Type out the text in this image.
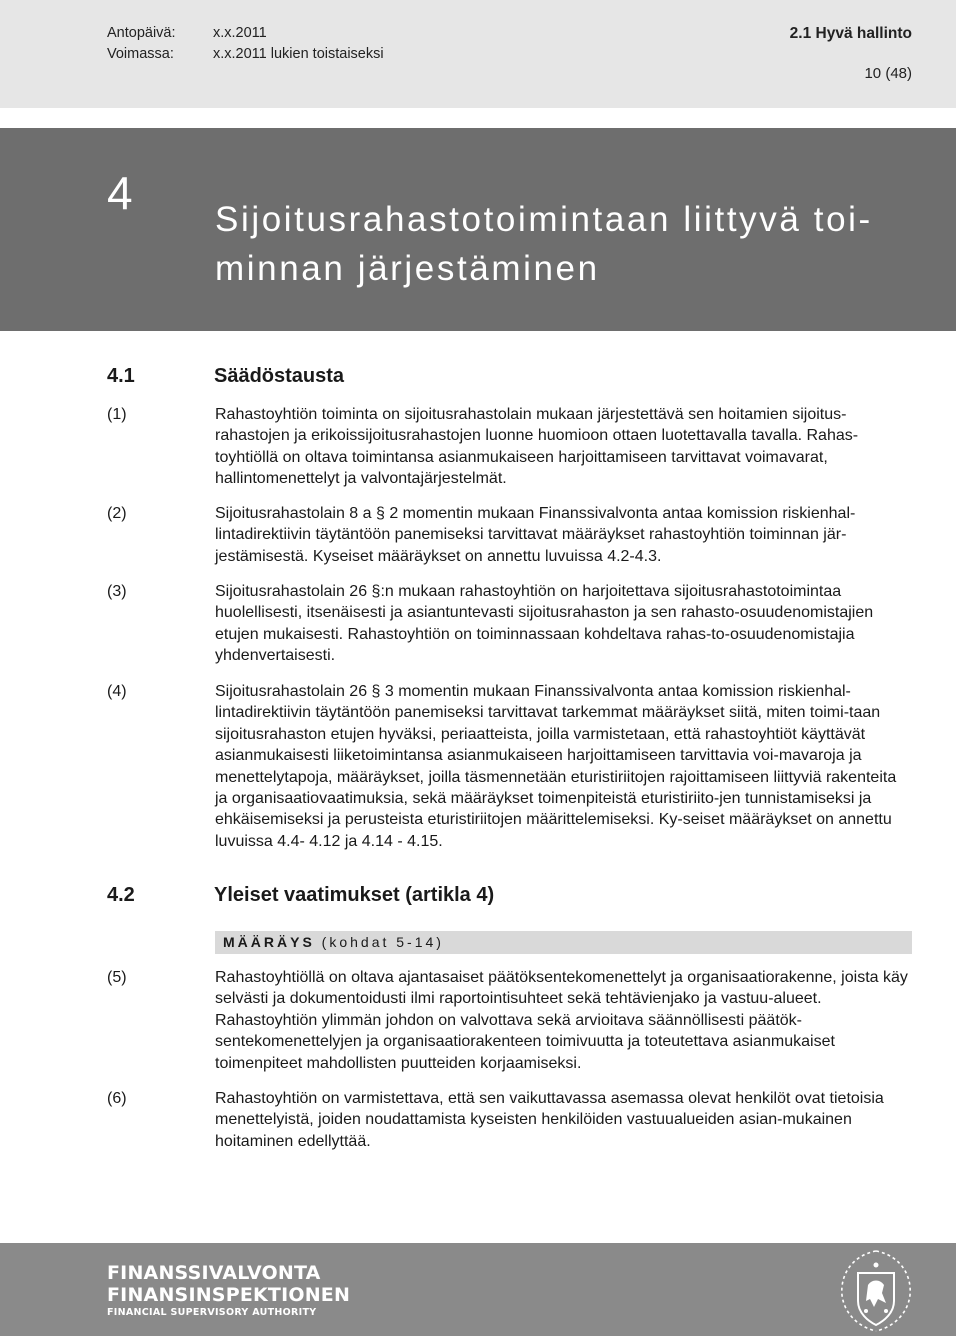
Antopäivä:	x.x.2011
Voimassa:	x.x.2011 lukien toistaiseksi
2.1 Hyvä hallinto
10 (48)
4
Sijoitusrahastotoimintaan liittyvä toi-
minnan järjestäminen
4.1	Säädöstausta
(1)	Rahastoyhtiön toiminta on sijoitusrahastolain mukaan järjestettävä sen hoitamien sijoitus-rahastojen ja erikoissijoitusrahastojen luonne huomioon ottaen luotettavalla tavalla. Rahas-toyhtiöllä on oltava toimintansa asianmukaiseen harjoittamiseen tarvittavat voimavarat, hallintomenettelyt ja valvontajärjestelmät.
(2)	Sijoitusrahastolain 8 a § 2 momentin mukaan Finanssivalvonta antaa komission riskienhal-lintadirektiivin täytäntöön panemiseksi tarvittavat määräykset rahastoyhtiön toiminnan jär-jestämisestä. Kyseiset määräykset on annettu luvuissa 4.2-4.3.
(3)	Sijoitusrahastolain 26 §:n mukaan rahastoyhtiön on harjoitettava sijoitusrahastotoimintaa huolellisesti, itsenäisesti ja asiantuntevasti sijoitusrahaston ja sen rahasto-osuudenomistajien etujen mukaisesti. Rahastoyhtiön on toiminnassaan kohdeltava rahas-to-osuudenomistajia yhdenvertaisesti.
(4)	Sijoitusrahastolain 26 § 3 momentin mukaan Finanssivalvonta antaa komission riskienhal-lintadirektiivin täytäntöön panemiseksi tarvittavat tarkemmat määräykset siitä, miten toimi-taan sijoitusrahaston etujen hyväksi, periaatteista, joilla varmistetaan, että rahastoyhtiöt käyttävät asianmukaisesti liiketoimintansa asianmukaiseen harjoittamiseen tarvittavia voi-mavaroja ja menettelytapoja, määräykset, joilla täsmennetään eturistiriitojen rajoittamiseen liittyviä rakenteita ja organisaatiovaatimuksia, sekä määräykset toimenpiteistä eturistiriito-jen tunnistamiseksi ja ehkäisemiseksi ja perusteista eturistiriitojen määrittelemiseksi. Ky-seiset määräykset on annettu luvuissa 4.4- 4.12 ja 4.14 - 4.15.
4.2	Yleiset vaatimukset (artikla 4)
MÄÄRÄYS (kohdat 5-14)
(5)	Rahastoyhtiöllä on oltava ajantasaiset päätöksentekomenettelyt ja organisaatiorakenne, joista käy selvästi ja dokumentoidusti ilmi raportointisuhteet sekä tehtävienjako ja vastuu-alueet. Rahastoyhtiön ylimmän johdon on valvottava sekä arvioitava säännöllisesti päätök-sentekomenettelyjen ja organisaatiorakenteen toimivuutta ja toteutettava asianmukaiset toimenpiteet mahdollisten puutteiden korjaamiseksi.
(6)	Rahastoyhtiön on varmistettava, että sen vaikuttavassa asemassa olevat henkilöt ovat tietoisia menettelyistä, joiden noudattamista kyseisten henkilöiden vastuualueiden asian-mukainen hoitaminen edellyttää.
FINANSSIVALVONTA
FINANSINSPEKTIONEN
FINANCIAL SUPERVISORY AUTHORITY
